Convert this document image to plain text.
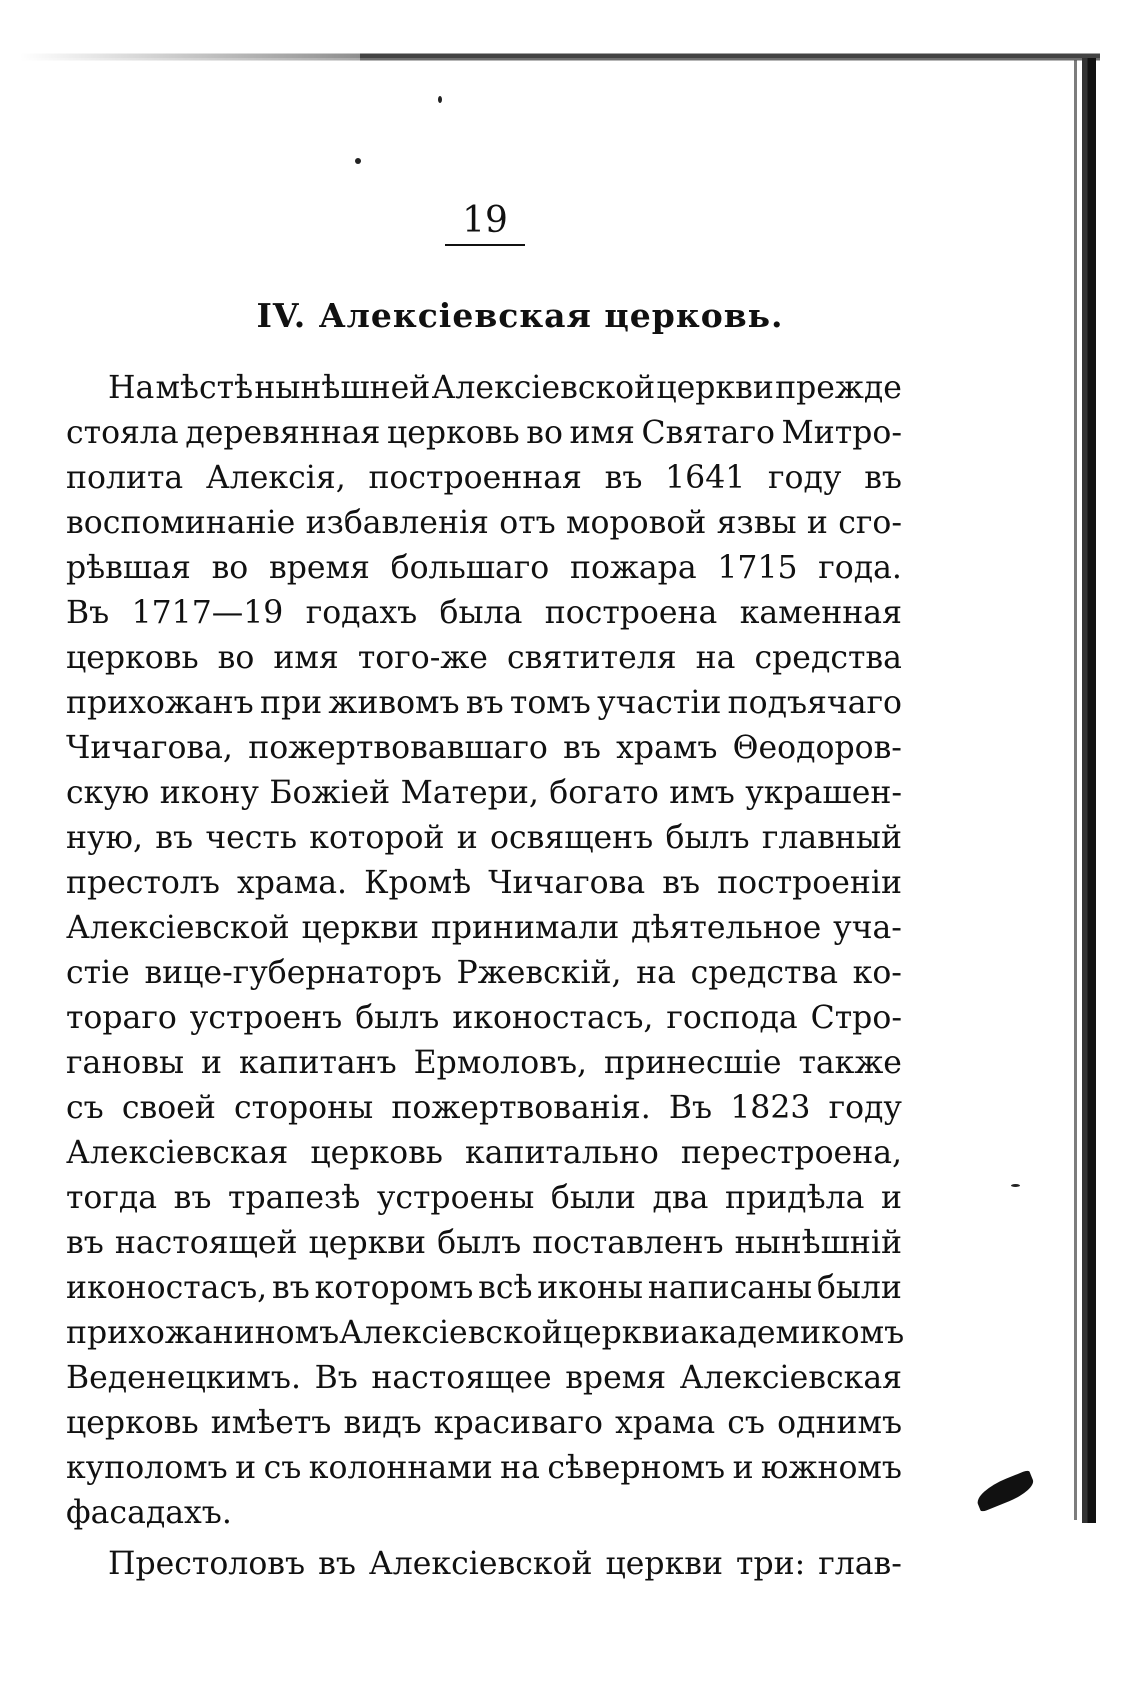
19
IV. Алексіевская церковь.
На мѣстѣ нынѣшней Алексіевской церкви прежде
стояла деревянная церковь во имя Святаго Митро-
полита Алексія, построенная въ 1641 году въ
воспоминаніе избавленія отъ моровой язвы и сго-
рѣвшая во время большаго пожара 1715 года.
Въ 1717—19 годахъ была построена каменная
церковь во имя того-же святителя на средства
прихожанъ при живомъ въ томъ участіи подъячаго
Чичагова, пожертвовавшаго въ храмъ Θеодоров-
скую икону Божіей Матери, богато имъ украшен-
ную, въ честь которой и освященъ былъ главный
престолъ храма. Кромѣ Чичагова въ построеніи
Алексіевской церкви принимали дѣятельное уча-
стіе вице-губернаторъ Ржевскій, на средства ко-
тораго устроенъ былъ иконостасъ, господа Стро-
гановы и капитанъ Ермоловъ, принесшіе также
съ своей стороны пожертвованія. Въ 1823 году
Алексіевская церковь капитально перестроена,
тогда въ трапезѣ устроены были два придѣла и
въ настоящей церкви былъ поставленъ нынѣшній
иконостасъ, въ которомъ всѣ иконы написаны были
прихожаниномъ Алексіевской церкви академикомъ
Веденецкимъ. Въ настоящее время Алексіевская
церковь имѣетъ видъ красиваго храма съ однимъ
куполомъ и съ колоннами на сѣверномъ и южномъ
фасадахъ.
Престоловъ въ Алексіевской церкви три: глав-
